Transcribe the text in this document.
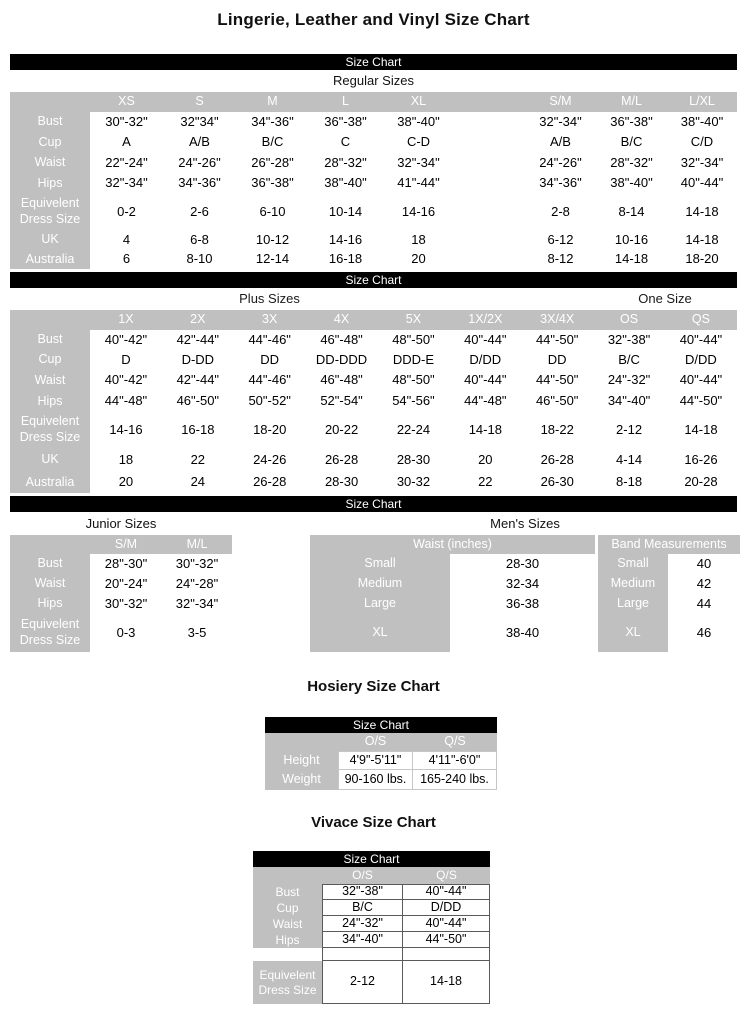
Lingerie, Leather and Vinyl Size Chart
Size Chart
Regular Sizes
XS	S	M	L	XL	S/M	M/L	L/XL
Bust	30"-32"	32"34"	34"-36"	36"-38"	38"-40"	32"-34"	36"-38"	38"-40"
Cup	A	A/B	B/C	C	C-D	A/B	B/C	C/D
Waist	22"-24"	24"-26"	26"-28"	28"-32"	32"-34"	24"-26"	28"-32"	32"-34"
Hips	32"-34"	34"-36"	36"-38"	38"-40"	41"-44"	34"-36"	38"-40"	40"-44"
Equivelent Dress Size
0-2	2-6	6-10	10-14	14-16	2-8	8-14	14-18
UK	4	6-8	10-12	14-16	18	6-12	10-16	14-18
Australia	6	8-10	12-14	16-18	20	8-12	14-18	18-20
Size Chart
Plus Sizes	One Size
1X	2X	3X	4X	5X	1X/2X	3X/4X	OS	QS
Bust	40"-42"	42"-44"	44"-46"	46"-48"	48"-50"	40"-44"	44"-50"	32"-38"	40"-44"
Cup	D	D-DD	DD	DD-DDD	DDD-E	D/DD	DD	B/C	D/DD
Waist	40"-42"	42"-44"	44"-46"	46"-48"	48"-50"	40"-44"	44"-50"	24"-32"	40"-44"
Hips	44"-48"	46"-50"	50"-52"	52"-54"	54"-56"	44"-48"	46"-50"	34"-40"	44"-50"
Equivelent Dress Size
14-16	16-18	18-20	20-22	22-24	14-18	18-22	2-12	14-18
UK	18	22	24-26	26-28	28-30	20	26-28	4-14	16-26
Australia	20	24	26-28	28-30	30-32	22	26-30	8-18	20-28
Size Chart
Junior Sizes
S/M	M/L
Bust	28"-30"	30"-32"
Waist	20"-24"	24"-28"
Hips	30"-32"	32"-34"
Equivelent Dress Size
0-3	3-5
Men's Sizes
Waist (inches)
Small	28-30
Medium	32-34
Large	36-38
XL	38-40
Band Measurements
Small	40
Medium	42
Large	44
XL	46
Hosiery Size Chart
Size Chart
O/S	Q/S
Height	4'9"-5'11"	4'11"-6'0"
Weight	90-160 lbs.	165-240 lbs.
Vivace Size Chart
Size Chart
O/S	Q/S
Bust	32"-38"	40"-44"
Cup	B/C	D/DD
Waist	24"-32"	40"-44"
Hips	34"-40"	44"-50"
Equivelent Dress Size
2-12	14-18
